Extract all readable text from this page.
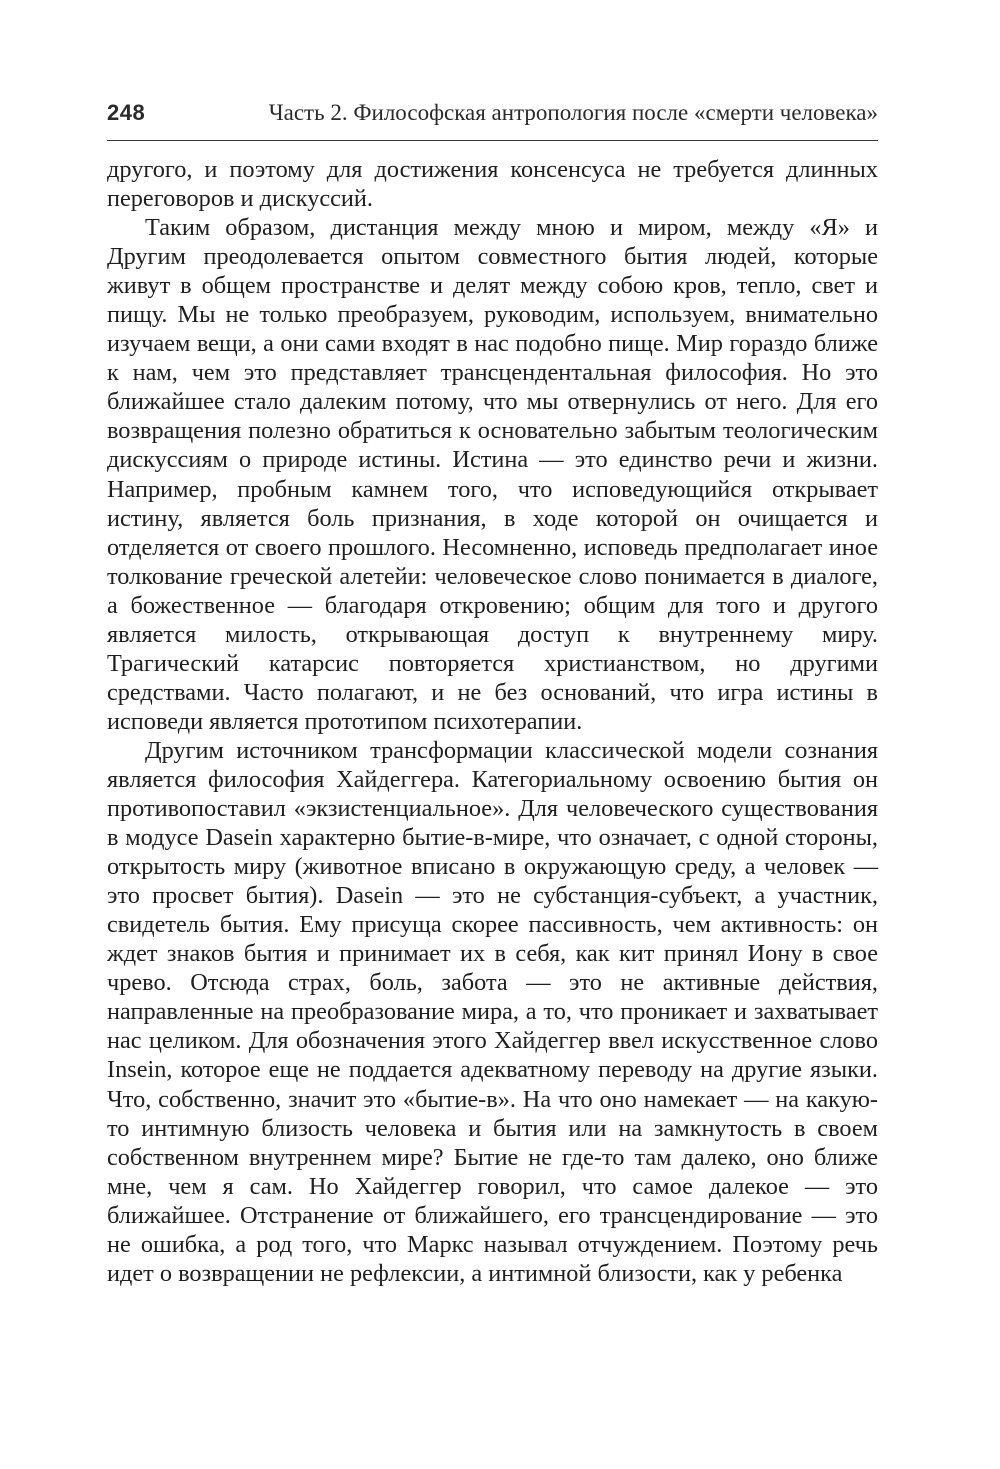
248	Часть 2. Философская антропология после «смерти человека»

другого, и поэтому для достижения консенсуса не требуется длинных переговоров и дискуссий.

Таким образом, дистанция между мною и миром, между «Я» и Другим преодолевается опытом совместного бытия людей, которые живут в общем пространстве и делят между собою кров, тепло, свет и пищу. Мы не только преобразуем, руководим, используем, внимательно изучаем вещи, а они сами входят в нас подобно пище. Мир гораздо ближе к нам, чем это представляет трансцендентальная философия. Но это ближайшее стало далеким потому, что мы отвернулись от него. Для его возвращения полезно обратиться к основательно забытым теологическим дискуссиям о природе истины. Истина — это единство речи и жизни. Например, пробным камнем того, что исповедующийся открывает истину, является боль признания, в ходе которой он очищается и отделяется от своего прошлого. Несомненно, исповедь предполагает иное толкование греческой алетейи: человеческое слово понимается в диалоге, а божественное — благодаря откровению; общим для того и другого является милость, открывающая доступ к внутреннему миру. Трагический катарсис повторяется христианством, но другими средствами. Часто полагают, и не без оснований, что игра истины в исповеди является прототипом психотерапии.

Другим источником трансформации классической модели сознания является философия Хайдеггера. Категориальному освоению бытия он противопоставил «экзистенциальное». Для человеческого существования в модусе Dasein характерно бытие-в-мире, что означает, с одной стороны, открытость миру (животное вписано в окружающую среду, а человек — это просвет бытия). Dasein — это не субстанция-субъект, а участник, свидетель бытия. Ему присуща скорее пассивность, чем активность: он ждет знаков бытия и принимает их в себя, как кит принял Иону в свое чрево. Отсюда страх, боль, забота — это не активные действия, направленные на преобразование мира, а то, что проникает и захватывает нас целиком. Для обозначения этого Хайдеггер ввел искусственное слово Insein, которое еще не поддается адекватному переводу на другие языки. Что, собственно, значит это «бытие-в». На что оно намекает — на какую-то интимную близость человека и бытия или на замкнутость в своем собственном внутреннем мире? Бытие не где-то там далеко, оно ближе мне, чем я сам. Но Хайдеггер говорил, что самое далекое — это ближайшее. Отстранение от ближайшего, его трансцендирование — это не ошибка, а род того, что Маркс называл отчуждением. Поэтому речь идет о возвращении не рефлексии, а интимной близости, как у ребенка
